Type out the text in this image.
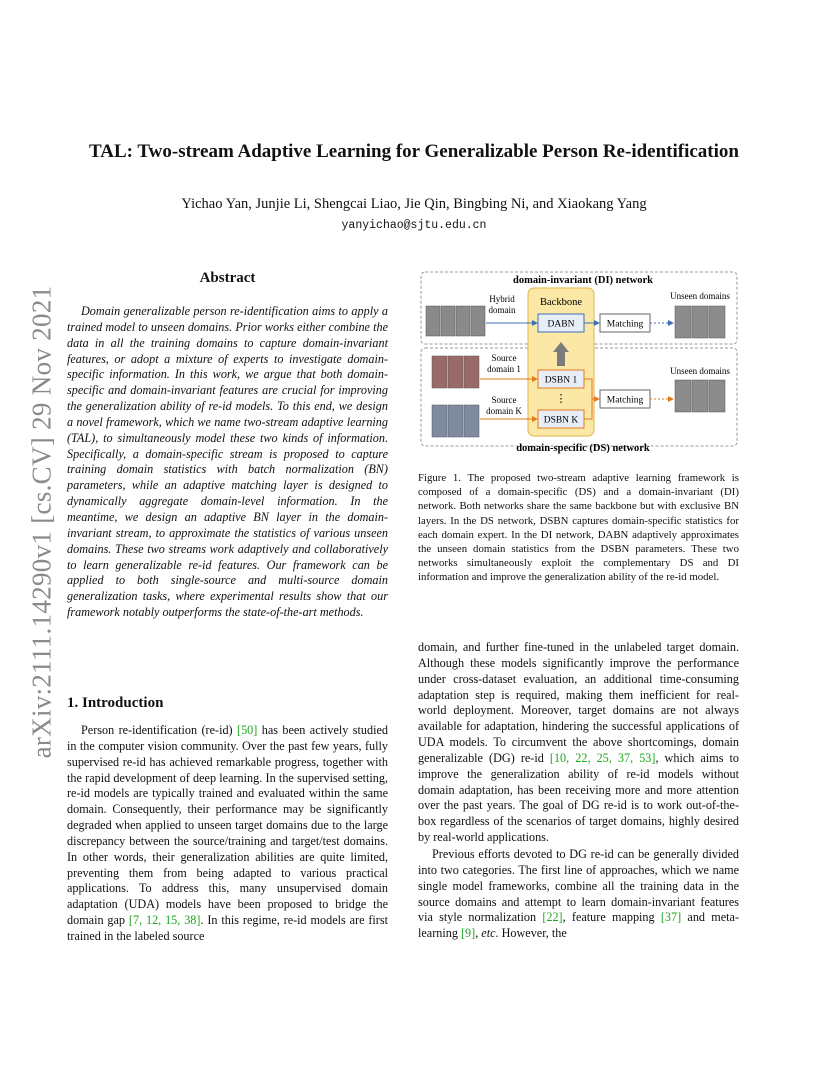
arXiv:2111.14290v1 [cs.CV] 29 Nov 2021
TAL: Two-stream Adaptive Learning for Generalizable Person Re-identification
Yichao Yan, Junjie Li, Shengcai Liao, Jie Qin, Bingbing Ni, and Xiaokang Yang
yanyichao@sjtu.edu.cn
Abstract
Domain generalizable person re-identification aims to apply a trained model to unseen domains. Prior works either combine the data in all the training domains to capture domain-invariant features, or adopt a mixture of experts to investigate domain-specific information. In this work, we argue that both domain-specific and domain-invariant features are crucial for improving the generalization ability of re-id models. To this end, we design a novel framework, which we name two-stream adaptive learning (TAL), to simultaneously model these two kinds of information. Specifically, a domain-specific stream is proposed to capture training domain statistics with batch normalization (BN) parameters, while an adaptive matching layer is designed to dynamically aggregate domain-level information. In the meantime, we design an adaptive BN layer in the domain-invariant stream, to approximate the statistics of various unseen domains. These two streams work adaptively and collaboratively to learn generalizable re-id features. Our framework can be applied to both single-source and multi-source domain generalization tasks, where experimental results show that our framework notably outperforms the state-of-the-art methods.
1. Introduction
Person re-identification (re-id) [50] has been actively studied in the computer vision community. Over the past few years, fully supervised re-id has achieved remarkable progress, together with the rapid development of deep learning. In the supervised setting, re-id models are typically trained and evaluated within the same domain. Consequently, their performance may be significantly degraded when applied to unseen target domains due to the large discrepancy between the source/training and target/test domains. In other words, their generalization abilities are quite limited, preventing them from being adapted to various practical applications. To address this, many unsupervised domain adaptation (UDA) models have been proposed to bridge the domain gap [7, 12, 15, 38]. In this regime, re-id models are first trained in the labeled source
domain-invariant (DI) network
domain-specific (DS) network
Backbone
DABN
DSBN 1
⋮
DSBN K
Matching
Matching
Unseen domains
Unseen domains
Hybrid
domain
Source
domain 1
Source
domain K
Figure 1. The proposed two-stream adaptive learning framework is composed of a domain-specific (DS) and a domain-invariant (DI) network. Both networks share the same backbone but with exclusive BN layers. In the DS network, DSBN captures domain-specific statistics for each domain expert. In the DI network, DABN adaptively approximates the unseen domain statistics from the DSBN parameters. These two networks simultaneously exploit the complementary DS and DI information and improve the generalization ability of the re-id model.

domain, and further fine-tuned in the unlabeled target domain. Although these models significantly improve the performance under cross-dataset evaluation, an additional time-consuming adaptation step is required, making them inefficient for real-world deployment. Moreover, target domains are not always available for adaptation, hindering the successful applications of UDA models. To circumvent the above shortcomings, domain generalizable (DG) re-id [10, 22, 25, 37, 53], which aims to improve the generalization ability of re-id models without domain adaptation, has been receiving more and more attention over the past years. The goal of DG re-id is to work out-of-the-box regardless of the scenarios of target domains, highly desired by real-world applications.

Previous efforts devoted to DG re-id can be generally divided into two categories. The first line of approaches, which we name single model frameworks, combine all the training data in the source domains and attempt to learn domain-invariant features via style normalization [22], feature mapping [37] and meta-learning [9], etc. However, the
